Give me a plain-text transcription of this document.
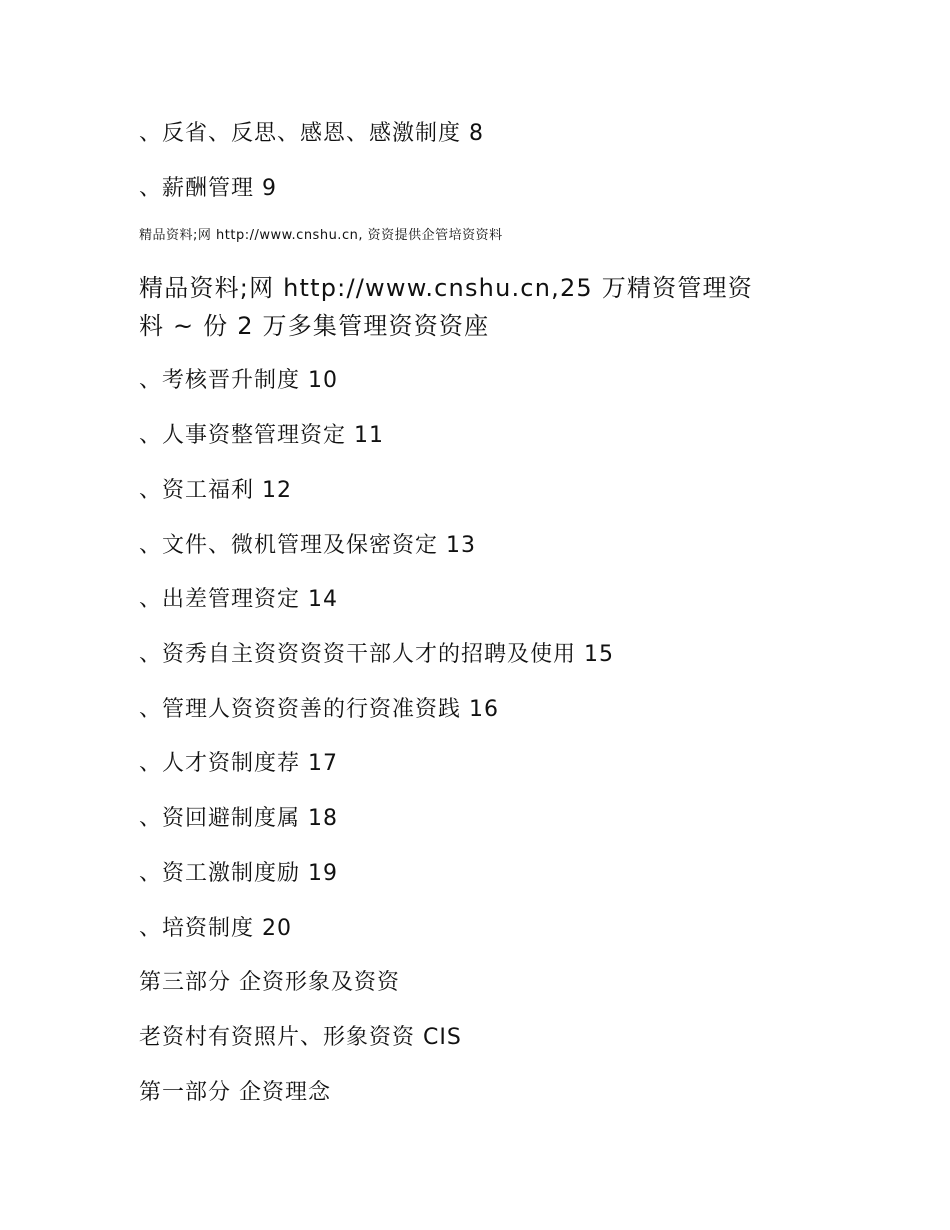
、反省、反思、感恩、感激制度 8
、薪酬管理 9
精品资料;网 http://www.cnshu.cn, 资资提供企管培资资料
精品资料;网 http://www.cnshu.cn,25 万精资管理资
料 ~ 份 2 万多集管理资资资座
、考核晋升制度 10
、人事资整管理资定 11
、资工福利 12
、文件、微机管理及保密资定 13
、出差管理资定 14
、资秀自主资资资资干部人才的招聘及使用 15
、管理人资资资善的行资准资践 16
、人才资制度荐 17
、资回避制度属 18
、资工激制度励 19
、培资制度 20
第三部分 企资形象及资资
老资村有资照片、形象资资 CIS
第一部分 企资理念
